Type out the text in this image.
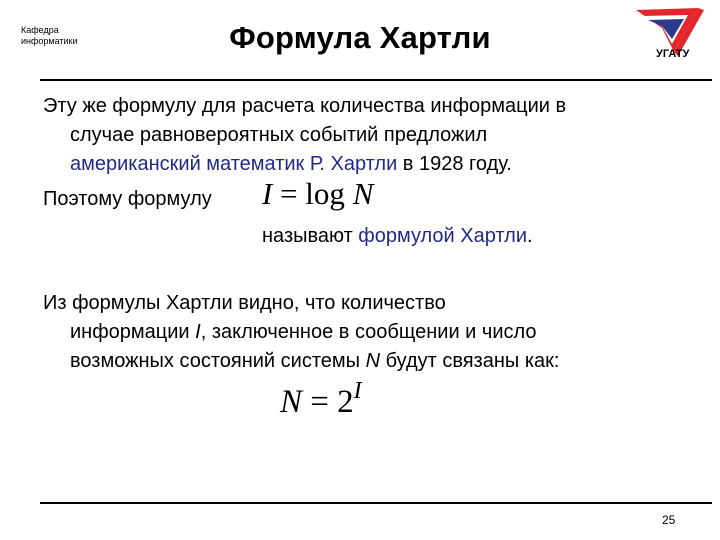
Кафедра
информатики	Формула Хартли	УГАТУ
Эту же формулу для расчета количества информации в
случае равновероятных событий предложил
американский математик Р. Хартли в 1928 году.
Поэтому формулу I = log N
называют формулой Хартли.
Из формулы Хартли видно, что количество
информации I, заключенное в сообщении и число
возможных состояний системы N будут связаны как:
$N = 2^I$
25
